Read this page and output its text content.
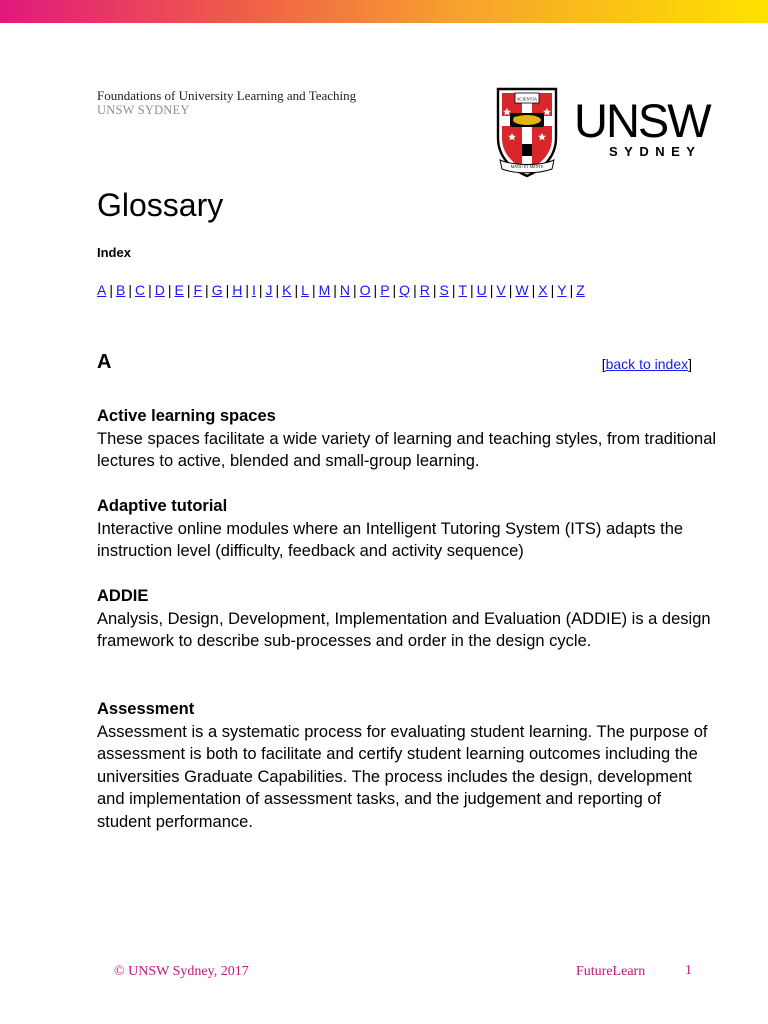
Foundations of University Learning and Teaching
UNSW SYDNEY
SCIENTIA
MANU ET MENTE
UNSW
SYDNEY
Glossary
Index
A | B | C | D | E | F | G | H | I | J | K | L | M | N | O | P | Q | R | S | T | U | V | W | X | Y | Z
A	[back to index]
Active learning spaces
These spaces facilitate a wide variety of learning and teaching styles, from traditional lectures to active, blended and small-group learning.
Adaptive tutorial
Interactive online modules where an Intelligent Tutoring System (ITS) adapts the instruction level (difficulty, feedback and activity sequence)
ADDIE
Analysis, Design, Development, Implementation and Evaluation (ADDIE) is a design framework to describe sub-processes and order in the design cycle.
Assessment
Assessment is a systematic process for evaluating student learning. The purpose of assessment is both to facilitate and certify student learning outcomes including the universities Graduate Capabilities. The process includes the design, development and implementation of assessment tasks, and the judgement and reporting of student performance.
© UNSW Sydney, 2017	FutureLearn	1
